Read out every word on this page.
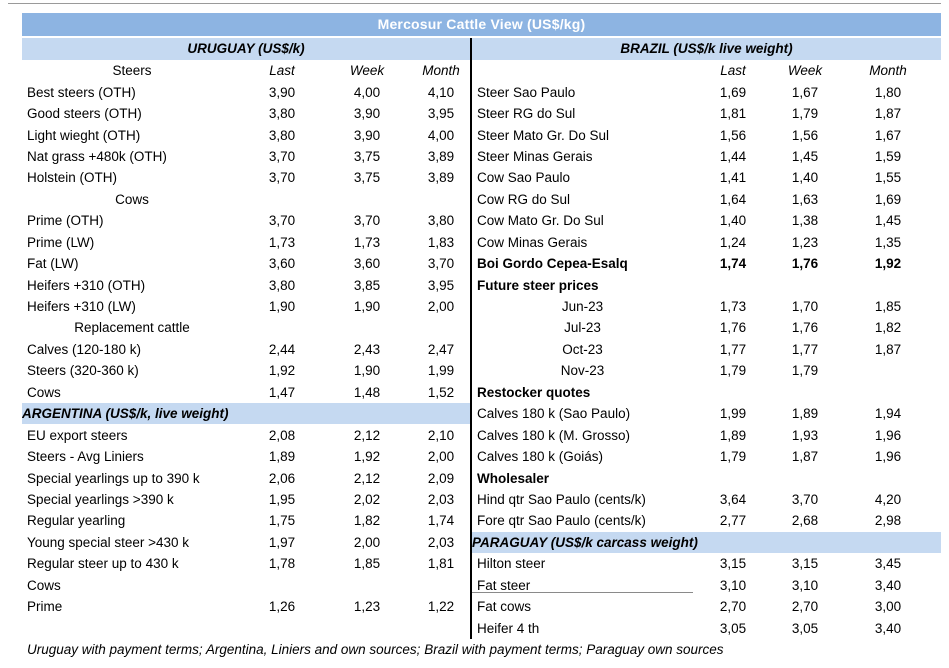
Mercosur Cattle View (US$/kg)
URUGUAY (US$/k)
Steers	Last	Week	Month
Best steers (OTH)	3,90	4,00	4,10
Good steers (OTH)	3,80	3,90	3,95
Light wieght (OTH)	3,80	3,90	4,00
Nat grass +480k (OTH)	3,70	3,75	3,89
Holstein (OTH)	3,70	3,75	3,89
Cows
Prime (OTH)	3,70	3,70	3,80
Prime (LW)	1,73	1,73	1,83
Fat (LW)	3,60	3,60	3,70
Heifers +310 (OTH)	3,80	3,85	3,95
Heifers +310 (LW)	1,90	1,90	2,00
Replacement cattle
Calves (120-180 k)	2,44	2,43	2,47
Steers (320-360 k)	1,92	1,90	1,99
Cows	1,47	1,48	1,52
ARGENTINA (US$/k, live weight)
EU export steers	2,08	2,12	2,10
Steers - Avg Liniers	1,89	1,92	2,00
Special yearlings up to 390 k	2,06	2,12	2,09
Special yearlings >390 k	1,95	2,02	2,03
Regular yearling	1,75	1,82	1,74
Young special steer >430 k	1,97	2,00	2,03
Regular steer up to 430 k	1,78	1,85	1,81
Cows
Prime	1,26	1,23	1,22
BRAZIL (US$/k live weight)
Last	Week	Month
Steer Sao Paulo	1,69	1,67	1,80
Steer RG do Sul	1,81	1,79	1,87
Steer Mato Gr. Do Sul	1,56	1,56	1,67
Steer Minas Gerais	1,44	1,45	1,59
Cow Sao Paulo	1,41	1,40	1,55
Cow RG do Sul	1,64	1,63	1,69
Cow Mato Gr. Do Sul	1,40	1,38	1,45
Cow Minas Gerais	1,24	1,23	1,35
Boi Gordo Cepea-Esalq	1,74	1,76	1,92
Future steer prices
Jun-23	1,73	1,70	1,85
Jul-23	1,76	1,76	1,82
Oct-23	1,77	1,77	1,87
Nov-23	1,79	1,79
Restocker quotes
Calves 180 k (Sao Paulo)	1,99	1,89	1,94
Calves 180 k (M. Grosso)	1,89	1,93	1,96
Calves 180 k (Goiás)	1,79	1,87	1,96
Wholesaler
Hind qtr Sao Paulo (cents/k)	3,64	3,70	4,20
Fore qtr Sao Paulo (cents/k)	2,77	2,68	2,98
PARAGUAY (US$/k carcass weight)
Hilton steer	3,15	3,15	3,45
Fat steer	3,10	3,10	3,40
Fat cows	2,70	2,70	3,00
Heifer 4 th	3,05	3,05	3,40
Uruguay with payment terms; Argentina, Liniers and own sources; Brazil with payment terms; Paraguay own sources
